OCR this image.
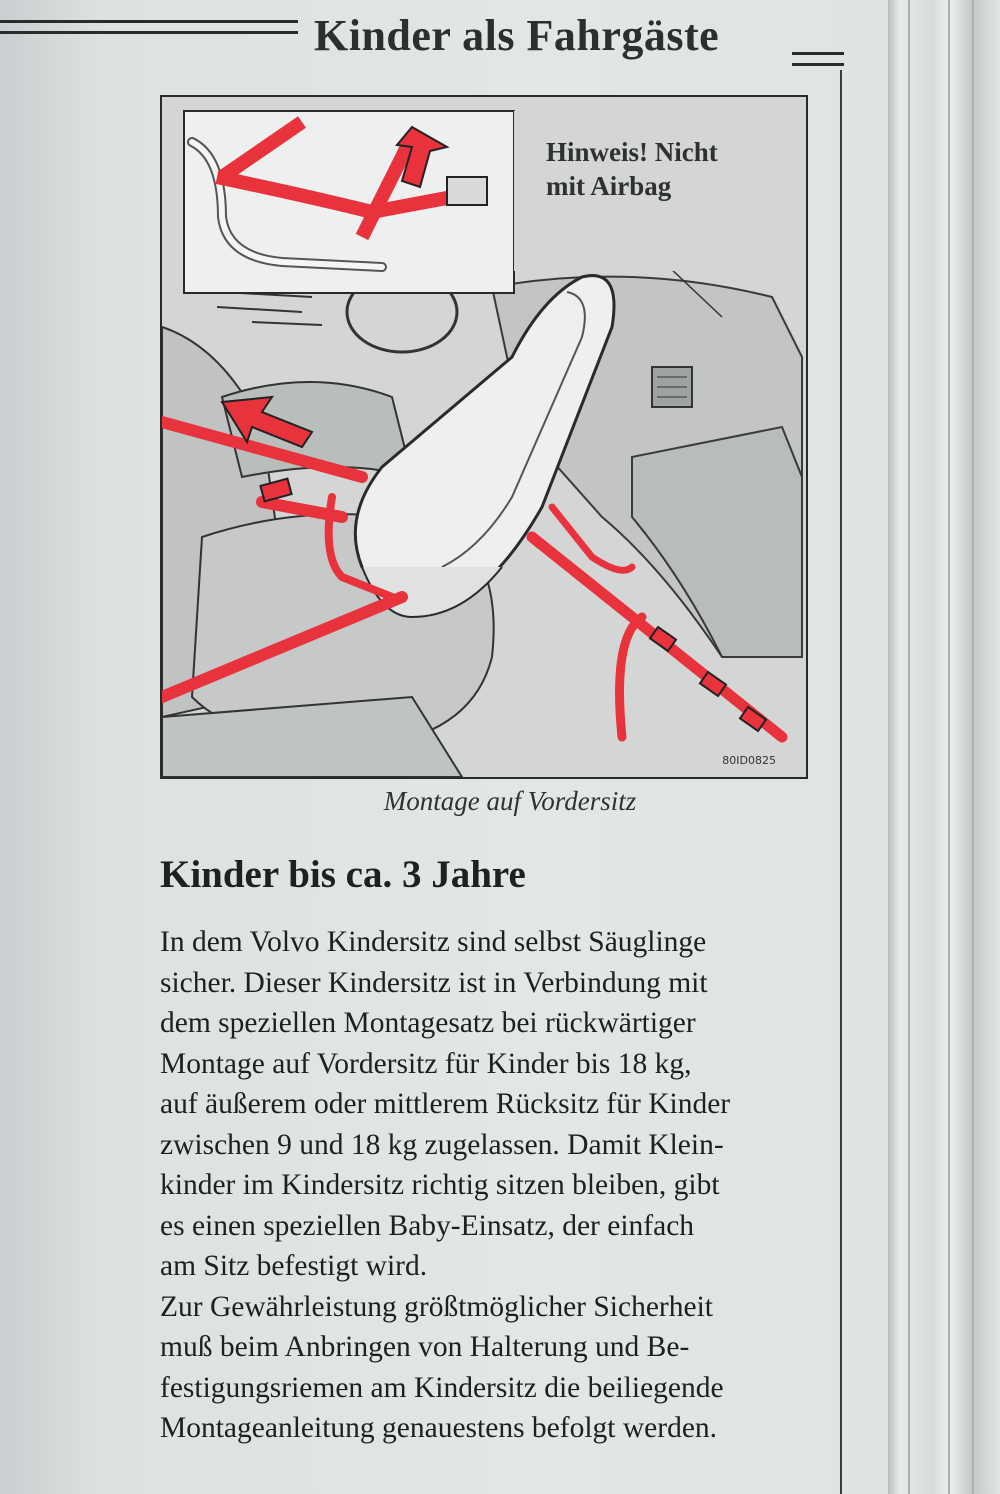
Kinder als Fahrgäste
Hinweis! Nicht
mit Airbag
80ID0825
Montage auf Vordersitz
Kinder bis ca. 3 Jahre
In dem Volvo Kindersitz sind selbst Säuglinge
sicher. Dieser Kindersitz ist in Verbindung mit
dem speziellen Montagesatz bei rückwärtiger
Montage auf Vordersitz für Kinder bis 18 kg,
auf äußerem oder mittlerem Rücksitz für Kinder
zwischen 9 und 18 kg zugelassen. Damit Klein-
kinder im Kindersitz richtig sitzen bleiben, gibt
es einen speziellen Baby-Einsatz, der einfach
am Sitz befestigt wird.
Zur Gewährleistung größtmöglicher Sicherheit
muß beim Anbringen von Halterung und Be-
festigungsriemen am Kindersitz die beiliegende
Montageanleitung genauestens befolgt werden.
